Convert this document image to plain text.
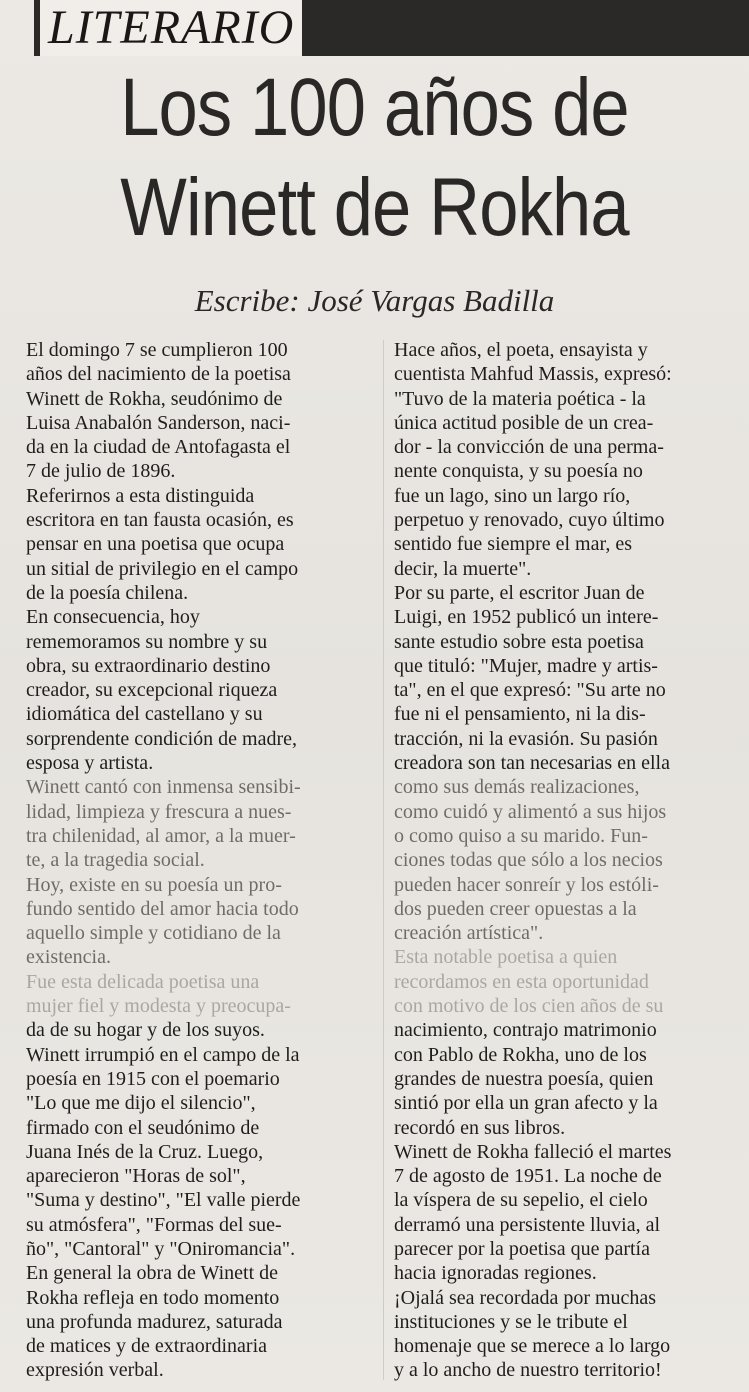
LITERARIO
Los 100 años de
Winett de Rokha
Escribe: José Vargas Badilla
El domingo 7 se cumplieron 100
años del nacimiento de la poetisa
Winett de Rokha, seudónimo de
Luisa Anabalón Sanderson, naci-
da en la ciudad de Antofagasta el
7 de julio de 1896.
Referirnos a esta distinguida
escritora en tan fausta ocasión, es
pensar en una poetisa que ocupa
un sitial de privilegio en el campo
de la poesía chilena.
En consecuencia, hoy
rememoramos su nombre y su
obra, su extraordinario destino
creador, su excepcional riqueza
idiomática del castellano y su
sorprendente condición de madre,
esposa y artista.
Winett cantó con inmensa sensibi-
lidad, limpieza y frescura a nues-
tra chilenidad, al amor, a la muer-
te, a la tragedia social.
Hoy, existe en su poesía un pro-
fundo sentido del amor hacia todo
aquello simple y cotidiano de la
existencia.
Fue esta delicada poetisa una
mujer fiel y modesta y preocupa-
da de su hogar y de los suyos.
Winett irrumpió en el campo de la
poesía en 1915 con el poemario
"Lo que me dijo el silencio",
firmado con el seudónimo de
Juana Inés de la Cruz. Luego,
aparecieron "Horas de sol",
"Suma y destino", "El valle pierde
su atmósfera", "Formas del sue-
ño", "Cantoral" y "Oniromancia".
En general la obra de Winett de
Rokha refleja en todo momento
una profunda madurez, saturada
de matices y de extraordinaria
expresión verbal.
Hace años, el poeta, ensayista y
cuentista Mahfud Massis, expresó:
"Tuvo de la materia poética - la
única actitud posible de un crea-
dor - la convicción de una perma-
nente conquista, y su poesía no
fue un lago, sino un largo río,
perpetuo y renovado, cuyo último
sentido fue siempre el mar, es
decir, la muerte".
Por su parte, el escritor Juan de
Luigi, en 1952 publicó un intere-
sante estudio sobre esta poetisa
que tituló: "Mujer, madre y artis-
ta", en el que expresó: "Su arte no
fue ni el pensamiento, ni la dis-
tracción, ni la evasión. Su pasión
creadora son tan necesarias en ella
como sus demás realizaciones,
como cuidó y alimentó a sus hijos
o como quiso a su marido. Fun-
ciones todas que sólo a los necios
pueden hacer sonreír y los estóli-
dos pueden creer opuestas a la
creación artística".
Esta notable poetisa a quien
recordamos en esta oportunidad
con motivo de los cien años de su
nacimiento, contrajo matrimonio
con Pablo de Rokha, uno de los
grandes de nuestra poesía, quien
sintió por ella un gran afecto y la
recordó en sus libros.
Winett de Rokha falleció el martes
7 de agosto de 1951. La noche de
la víspera de su sepelio, el cielo
derramó una persistente lluvia, al
parecer por la poetisa que partía
hacia ignoradas regiones.
¡Ojalá sea recordada por muchas
instituciones y se le tribute el
homenaje que se merece a lo largo
y a lo ancho de nuestro territorio!
